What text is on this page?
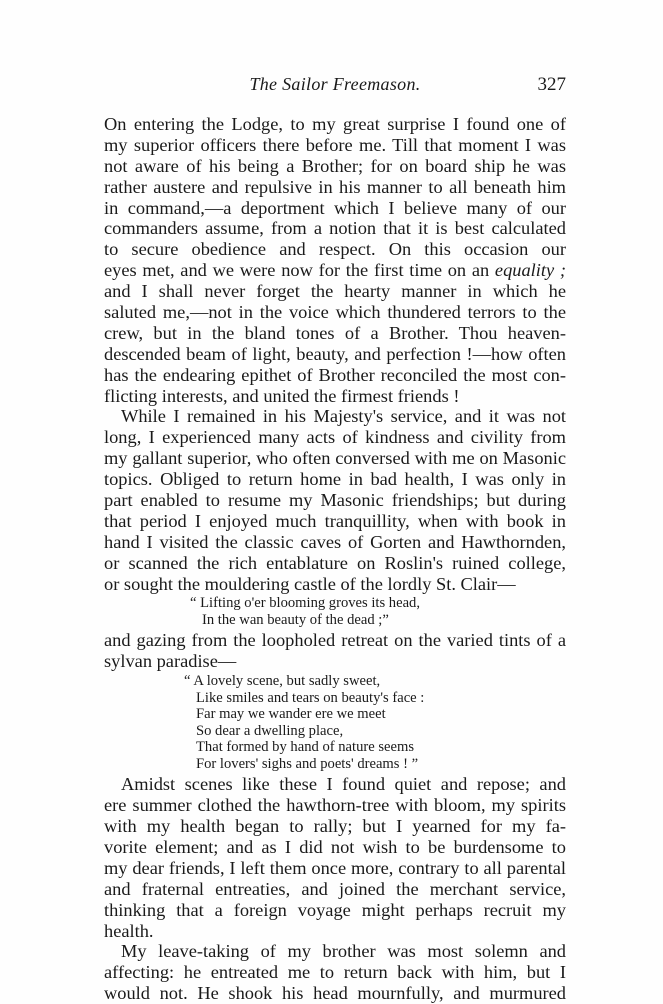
The Sailor Freemason.	327
On entering the Lodge, to my great surprise I found one of
my superior officers there before me. Till that moment I was
not aware of his being a Brother; for on board ship he was
rather austere and repulsive in his manner to all beneath him
in command,—a deportment which I believe many of our
commanders assume, from a notion that it is best calculated
to secure obedience and respect. On this occasion our
eyes met, and we were now for the first time on an equality ;
and I shall never forget the hearty manner in which he
saluted me,—not in the voice which thundered terrors to the
crew, but in the bland tones of a Brother. Thou heaven-
descended beam of light, beauty, and perfection !—how often
has the endearing epithet of Brother reconciled the most con-
flicting interests, and united the firmest friends !
While I remained in his Majesty's service, and it was not
long, I experienced many acts of kindness and civility from
my gallant superior, who often conversed with me on Masonic
topics. Obliged to return home in bad health, I was only in
part enabled to resume my Masonic friendships; but during
that period I enjoyed much tranquillity, when with book in
hand I visited the classic caves of Gorten and Hawthornden,
or scanned the rich entablature on Roslin's ruined college,
or sought the mouldering castle of the lordly St. Clair—
“ Lifting o'er blooming groves its head,
In the wan beauty of the dead ;”
and gazing from the loopholed retreat on the varied tints of a
sylvan paradise—
“ A lovely scene, but sadly sweet,
Like smiles and tears on beauty's face :
Far may we wander ere we meet
So dear a dwelling place,
That formed by hand of nature seems
For lovers' sighs and poets' dreams ! ”
Amidst scenes like these I found quiet and repose; and
ere summer clothed the hawthorn-tree with bloom, my spirits
with my health began to rally; but I yearned for my fa-
vorite element; and as I did not wish to be burdensome to
my dear friends, I left them once more, contrary to all parental
and fraternal entreaties, and joined the merchant service,
thinking that a foreign voyage might perhaps recruit my
health.
My leave-taking of my brother was most solemn and
affecting: he entreated me to return back with him, but I
would not. He shook his head mournfully, and murmured
